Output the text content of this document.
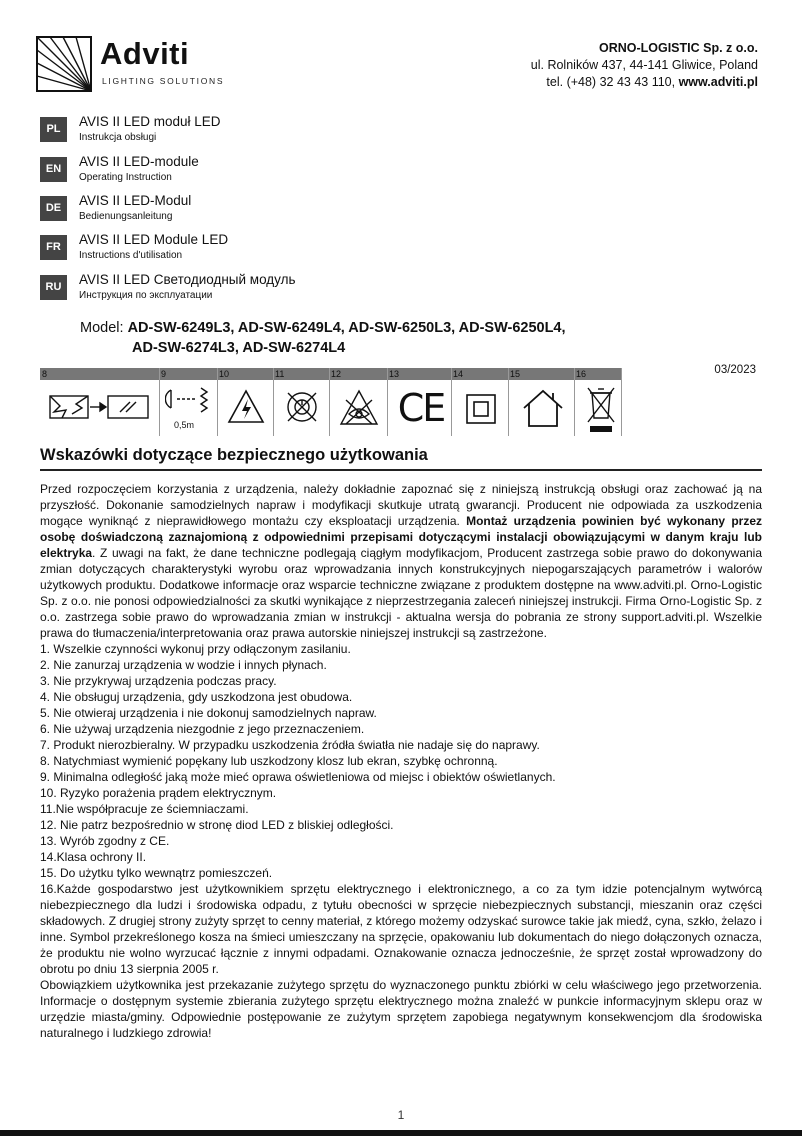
Adviti
LIGHTING SOLUTIONS
ORNO-LOGISTIC Sp. z o.o.
ul. Rolników 437, 44-141 Gliwice, Poland
tel. (+48) 32 43 43 110, www.adviti.pl
PL	AVIS II LED moduł LED
Instrukcja obsługi
EN	AVIS II LED-module
Operating Instruction
DE	AVIS II LED-Modul
Bedienungsanleitung
FR	AVIS II LED Module LED
Instructions d'utilisation
RU	AVIS II LED Светодиодный модуль
Инструкция по эксплуатации
Model: AD-SW-6249L3, AD-SW-6249L4, AD-SW-6250L3, AD-SW-6250L4,
AD-SW-6274L3, AD-SW-6274L4
03/2023
8	9	10	11	12	13	14	15	16
0,5m	CE
Wskazówki dotyczące bezpiecznego użytkowania

Przed rozpoczęciem korzystania z urządzenia, należy dokładnie zapoznać się z niniejszą instrukcją obsługi oraz zachować ją na przyszłość. Dokonanie samodzielnych napraw i modyfikacji skutkuje utratą gwarancji. Producent nie odpowiada za uszkodzenia mogące wyniknąć z nieprawidłowego montażu czy eksploatacji urządzenia. Montaż urządzenia powinien być wykonany przez osobę doświadczoną zaznajomioną z odpowiednimi przepisami dotyczącymi instalacji obowiązującymi w danym kraju lub elektryka. Z uwagi na fakt, że dane techniczne podlegają ciągłym modyfikacjom, Producent zastrzega sobie prawo do dokonywania zmian dotyczących charakterystyki wyrobu oraz wprowadzania innych konstrukcyjnych niepogarszających parametrów i walorów użytkowych produktu. Dodatkowe informacje oraz wsparcie techniczne związane z produktem dostępne na www.adviti.pl. Orno-Logistic Sp. z o.o. nie ponosi odpowiedzialności za skutki wynikające z nieprzestrzegania zaleceń niniejszej instrukcji. Firma Orno-Logistic Sp. z o.o. zastrzega sobie prawo do wprowadzania zmian w instrukcji - aktualna wersja do pobrania ze strony support.adviti.pl. Wszelkie prawa do tłumaczenia/interpretowania oraz prawa autorskie niniejszej instrukcji są zastrzeżone.

1. Wszelkie czynności wykonuj przy odłączonym zasilaniu.
2. Nie zanurzaj urządzenia w wodzie i innych płynach.
3. Nie przykrywaj urządzenia podczas pracy.
4. Nie obsługuj urządzenia, gdy uszkodzona jest obudowa.
5. Nie otwieraj urządzenia i nie dokonuj samodzielnych napraw.
6. Nie używaj urządzenia niezgodnie z jego przeznaczeniem.
7. Produkt nierozbieralny. W przypadku uszkodzenia źródła światła nie nadaje się do naprawy.
8. Natychmiast wymienić popękany lub uszkodzony klosz lub ekran, szybkę ochronną.
9. Minimalna odległość jaką może mieć oprawa oświetleniowa od miejsc i obiektów oświetlanych.
10. Ryzyko porażenia prądem elektrycznym.
11.Nie współpracuje ze ściemniaczami.
12. Nie patrz bezpośrednio w stronę diod LED z bliskiej odległości.
13. Wyrób zgodny z CE.
14.Klasa ochrony II.
15. Do użytku tylko wewnątrz pomieszczeń.

16.Każde gospodarstwo jest użytkownikiem sprzętu elektrycznego i elektronicznego, a co za tym idzie potencjalnym wytwórcą niebezpiecznego dla ludzi i środowiska odpadu, z tytułu obecności w sprzęcie niebezpiecznych substancji, mieszanin oraz części składowych. Z drugiej strony zużyty sprzęt to cenny materiał, z którego możemy odzyskać surowce takie jak miedź, cyna, szkło, żelazo i inne. Symbol przekreślonego kosza na śmieci umieszczany na sprzęcie, opakowaniu lub dokumentach do niego dołączonych oznacza, że produktu nie wolno wyrzucać łącznie z innymi odpadami. Oznakowanie oznacza jednocześnie, że sprzęt został wprowadzony do obrotu po dniu 13 sierpnia 2005 r.

Obowiązkiem użytkownika jest przekazanie zużytego sprzętu do wyznaczonego punktu zbiórki w celu właściwego jego przetworzenia. Informacje o dostępnym systemie zbierania zużytego sprzętu elektrycznego można znaleźć w punkcie informacyjnym sklepu oraz w urzędzie miasta/gminy. Odpowiednie postępowanie ze zużytym sprzętem zapobiega negatywnym konsekwencjom dla środowiska naturalnego i ludzkiego zdrowia!

1
